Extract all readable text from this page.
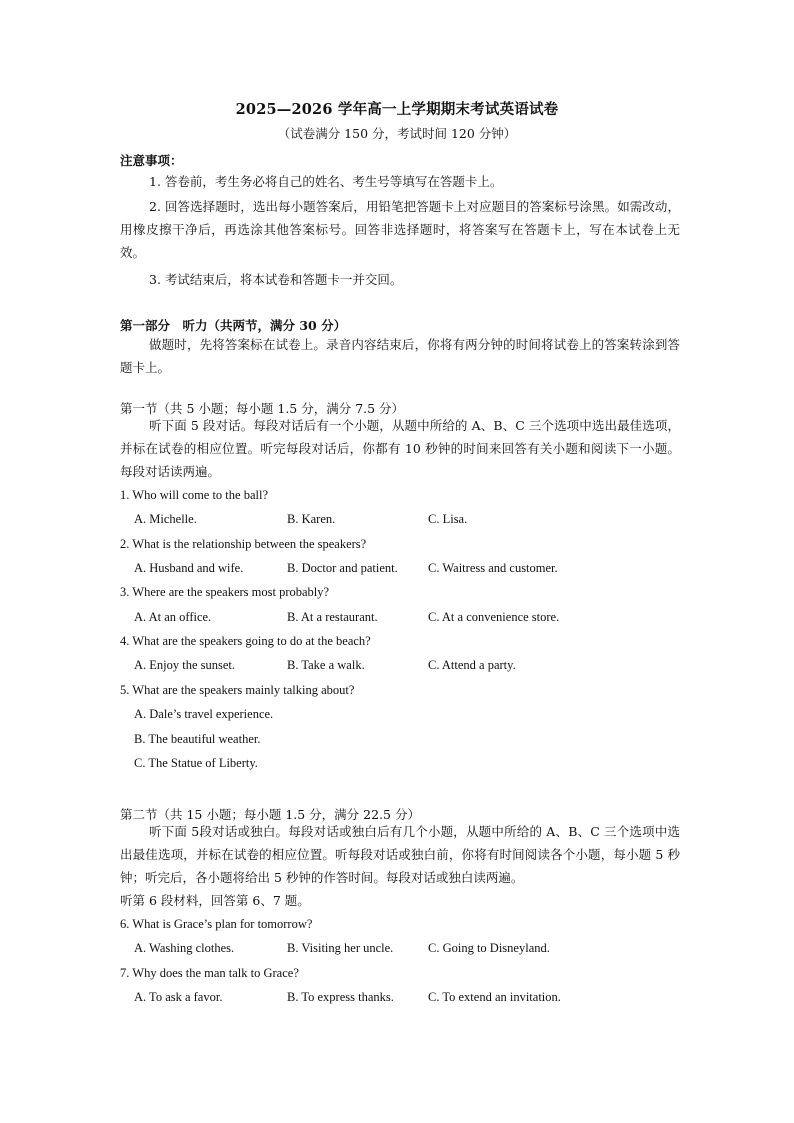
2025—2026 学年高一上学期期末考试英语试卷
（试卷满分 150 分，考试时间 120 分钟）
注意事项：
1. 答卷前，考生务必将自己的姓名、考生号等填写在答题卡上。
2. 回答选择题时，选出每小题答案后，用铅笔把答题卡上对应题目的答案标号涂黑。如需改动，用橡皮擦干净后，再选涂其他答案标号。回答非选择题时，将答案写在答题卡上，写在本试卷上无效。
3. 考试结束后，将本试卷和答题卡一并交回。
第一部分　听力（共两节，满分 30 分）
做题时，先将答案标在试卷上。录音内容结束后，你将有两分钟的时间将试卷上的答案转涂到答题卡上。
第一节（共 5 小题；每小题 1.5 分，满分 7.5 分）
听下面 5 段对话。每段对话后有一个小题，从题中所给的 A、B、C 三个选项中选出最佳选项，并标在试卷的相应位置。听完每段对话后，你都有 10 秒钟的时间来回答有关小题和阅读下一小题。每段对话读两遍。
1. Who will come to the ball?
A. Michelle.	B. Karen.	C. Lisa.
2. What is the relationship between the speakers?
A. Husband and wife.	B. Doctor and patient. C. Waitress and customer.
3. Where are the speakers most probably?
A. At an office.	B. At a restaurant.	C. At a convenience store.
4. What are the speakers going to do at the beach?
A. Enjoy the sunset.	B. Take a walk.	C. Attend a party.
5. What are the speakers mainly talking about?
A. Dale’s travel experience.
B. The beautiful weather.
C. The Statue of Liberty.
第二节（共 15 小题；每小题 1.5 分，满分 22.5 分）
听下面 5段对话或独白。每段对话或独白后有几个小题，从题中所给的 A、B、C 三个选项中选出最佳选项，并标在试卷的相应位置。听每段对话或独白前，你将有时间阅读各个小题，每小题 5 秒钟；听完后，各小题将给出 5 秒钟的作答时间。每段对话或独白读两遍。
听第 6 段材料，回答第 6、7 题。
6. What is Grace’s plan for tomorrow?
A. Washing clothes.	B. Visiting her uncle.	C. Going to Disneyland.
7. Why does the man talk to Grace?
A. To ask a favor.	B. To express thanks.	C. To extend an invitation.
